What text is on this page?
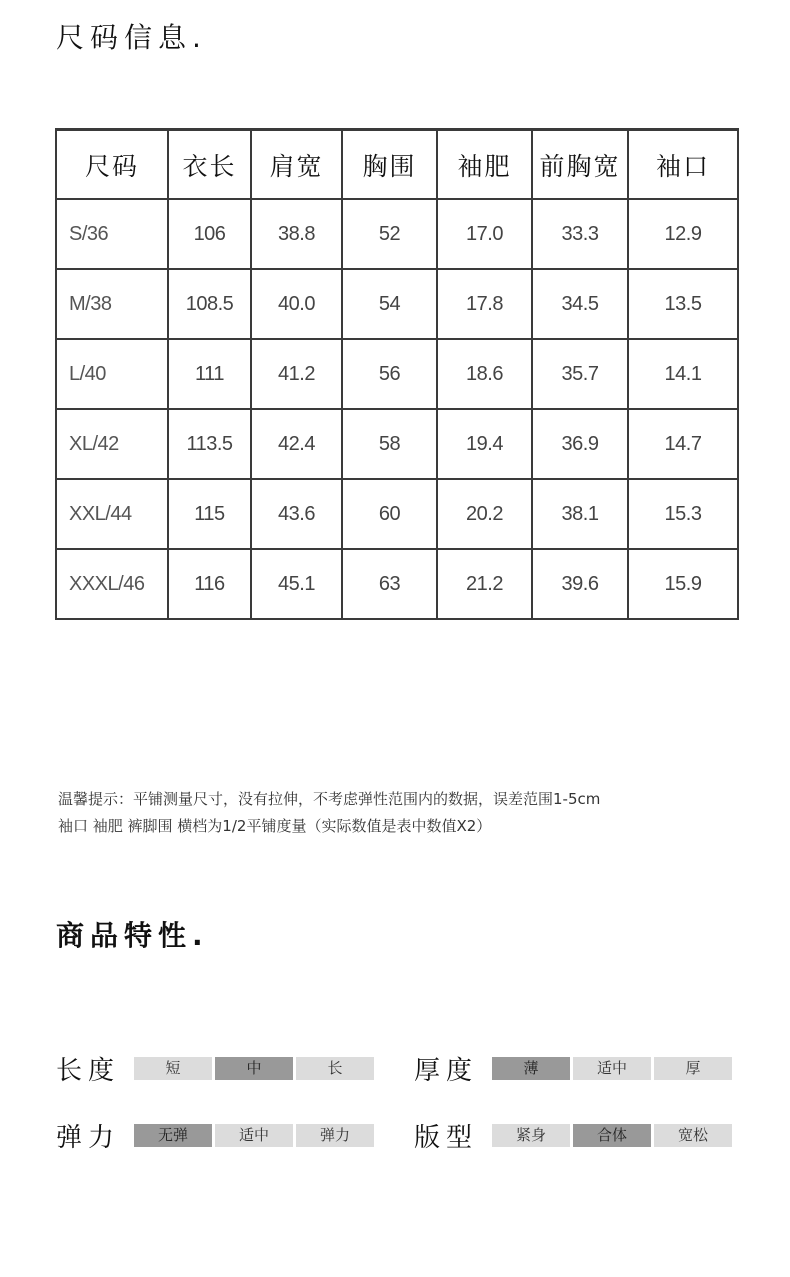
尺码信息.
尺码	衣长	肩宽	胸围	袖肥	前胸宽	袖口
S/36	106	38.8	52	17.0	33.3	12.9
M/38	108.5	40.0	54	17.8	34.5	13.5
L/40	111	41.2	56	18.6	35.7	14.1
XL/42	113.5	42.4	58	19.4	36.9	14.7
XXL/44	115	43.6	60	20.2	38.1	15.3
XXXL/46	116	45.1	63	21.2	39.6	15.9

温馨提示：平铺测量尺寸，没有拉伸，不考虑弹性范围内的数据，误差范围1-5cm

袖口 袖肥 裤脚围 横档为1/2平铺度量（实际数值是表中数值X2）

商品特性.
长度	短	中	长	厚度	薄	适中	厚
弹力	无弹	适中	弹力	版型	紧身	合体	宽松
